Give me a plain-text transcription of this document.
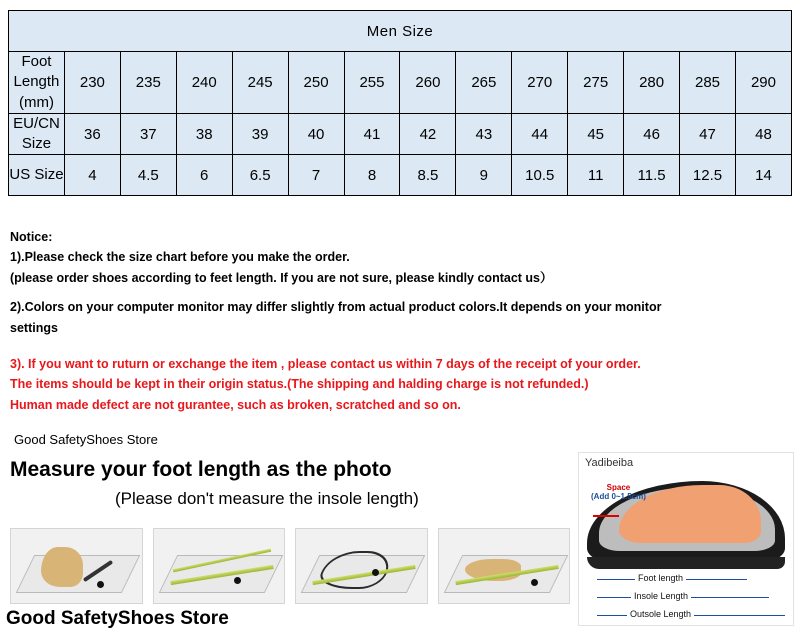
Men Size													
Foot Length
(mm)	230	235	240	245	250	255	260	265	270	275	280	285	290
EU/CN Size	36	37	38	39	40	41	42	43	44	45	46	47	48
US Size	4	4.5	6	6.5	7	8	8.5	9	10.5	11	11.5	12.5	14

Notice:

1).Please check the size chart before you make the order.

(please order shoes according to feet length. If you are not sure, please kindly contact us）

2).Colors on your computer monitor may differ slightly from actual product colors.It depends on your monitor

settings

3). If you want to ruturn or exchange the item , please contact us within 7 days of the receipt of your order.

The items should be kept in their origin status.(The shipping and halding charge is not refunded.)

Human made defect are not gurantee, such as broken, scratched and so on.

Good SafetyShoes Store
Measure your foot length as the photo
(Please don't measure the insole length)
Yadibeiba
Space
(Add 0~1.5cm)
Foot length
Insole Length
Outsole Length
Good SafetyShoes Store
